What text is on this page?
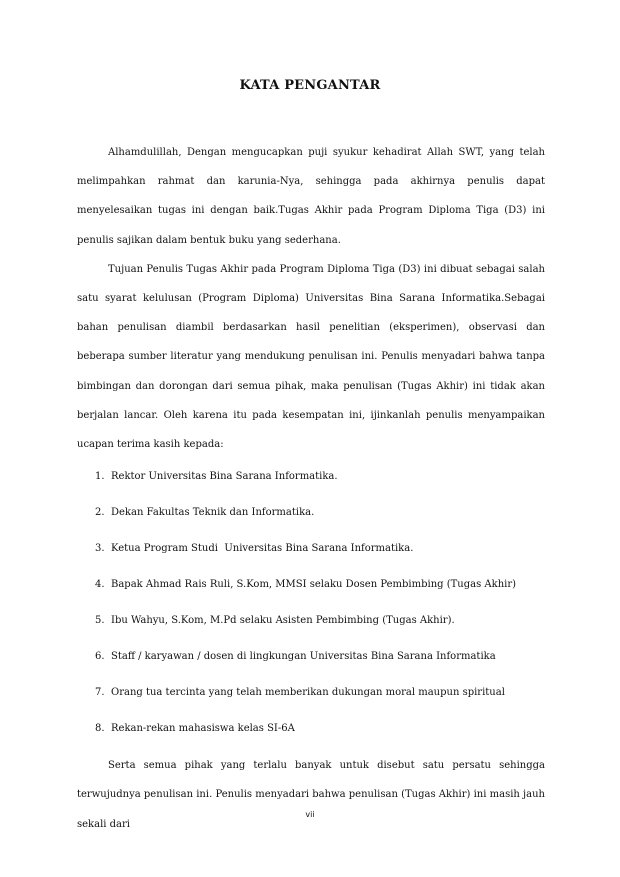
KATA PENGANTAR

Alhamdulillah, Dengan mengucapkan puji syukur kehadirat Allah SWT, yang telah melimpahkan rahmat dan karunia-Nya, sehingga pada akhirnya penulis dapat menyelesaikan tugas ini dengan baik.Tugas Akhir pada Program Diploma Tiga (D3) ini penulis sajikan dalam bentuk buku yang sederhana.

Tujuan Penulis Tugas Akhir pada Program Diploma Tiga (D3) ini dibuat sebagai salah satu syarat kelulusan (Program Diploma) Universitas Bina Sarana Informatika.Sebagai bahan penulisan diambil berdasarkan hasil penelitian (eksperimen), observasi dan beberapa sumber literatur yang mendukung penulisan ini. Penulis menyadari bahwa tanpa bimbingan dan dorongan dari semua pihak, maka penulisan (Tugas Akhir) ini tidak akan berjalan lancar. Oleh karena itu pada kesempatan ini, ijinkanlah penulis menyampaikan ucapan terima kasih kepada:

1. Rektor Universitas Bina Sarana Informatika.
2. Dekan Fakultas Teknik dan Informatika.
3. Ketua Program Studi  Universitas Bina Sarana Informatika.
4. Bapak Ahmad Rais Ruli, S.Kom, MMSI selaku Dosen Pembimbing (Tugas Akhir)
5. Ibu Wahyu, S.Kom, M.Pd selaku Asisten Pembimbing (Tugas Akhir).
6. Staff / karyawan / dosen di lingkungan Universitas Bina Sarana Informatika
7. Orang tua tercinta yang telah memberikan dukungan moral maupun spiritual
8. Rekan-rekan mahasiswa kelas SI-6A

Serta semua pihak yang terlalu banyak untuk disebut satu persatu sehingga terwujudnya penulisan ini. Penulis menyadari bahwa penulisan (Tugas Akhir) ini masih jauh sekali dari

vii
